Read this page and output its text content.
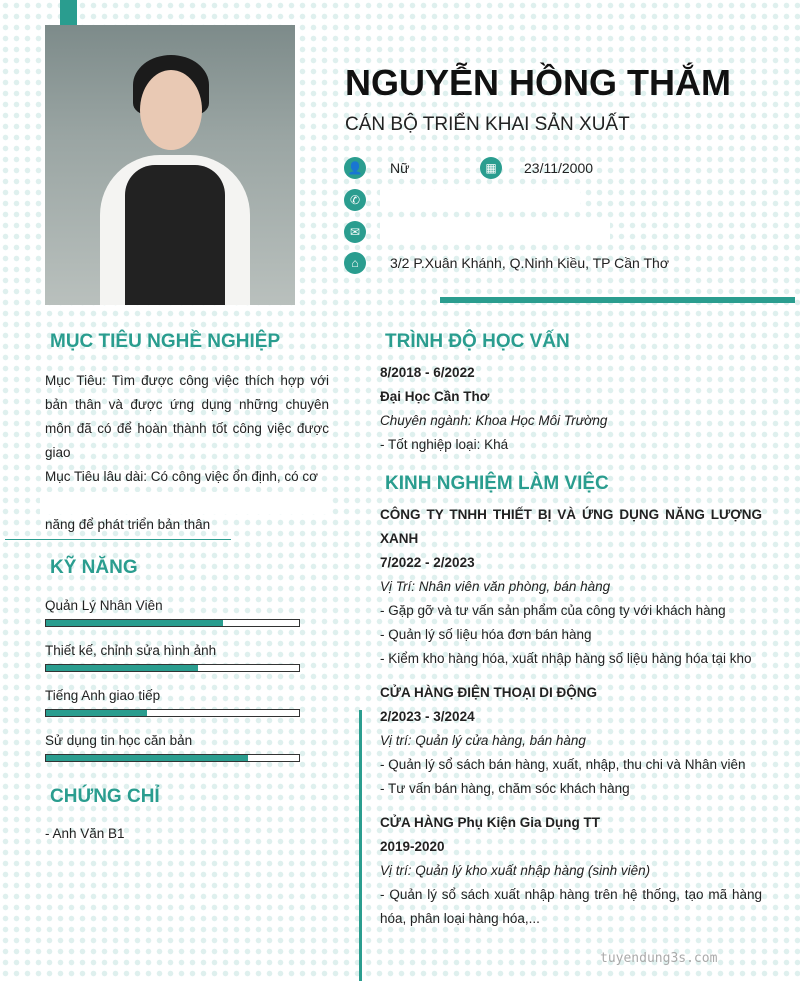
NGUYỄN HỒNG THẮM
CÁN BỘ TRIỂN KHAI SẢN XUẤT
👤 Nữ	▦	23/11/2000
✆
✉
⌂	3/2 P.Xuân Khánh, Q.Ninh Kiều, TP Cần Thơ
MỤC TIÊU NGHỀ NGHIỆP
Mục Tiêu: Tìm được công việc thích hợp với bản thân và được ứng dụng những chuyên môn đã có để hoàn thành tốt công việc được giao
Mục Tiêu lâu dài: Có công việc ổn định, có cơ
năng để phát triển bản thân
KỸ NĂNG
Quản Lý Nhân Viên
Thiết kế, chỉnh sửa hình ảnh
Tiếng Anh giao tiếp
Sử dụng tin học căn bản
CHỨNG CHỈ
- Anh Văn B1
TRÌNH ĐỘ HỌC VẤN
8/2018 - 6/2022
Đại Học Cần Thơ
Chuyên ngành: Khoa Học Môi Trường
- Tốt nghiệp loại: Khá
KINH NGHIỆM LÀM VIỆC
CÔNG TY TNHH THIẾT BỊ VÀ ỨNG DỤNG NĂNG LƯỢNG XANH
7/2022 - 2/2023
Vị Trí: Nhân viên văn phòng, bán hàng
- Gặp gỡ và tư vấn sản phẩm của công ty với khách hàng
- Quản lý số liệu hóa đơn bán hàng
- Kiểm kho hàng hóa, xuất nhập hàng số liệu hàng hóa tại kho
CỬA HÀNG ĐIỆN THOẠI DI ĐỘNG
2/2023 - 3/2024
Vị trí: Quản lý cửa hàng, bán hàng
- Quản lý sổ sách bán hàng, xuất, nhập, thu chi và Nhân viên
- Tư vấn bán hàng, chăm sóc khách hàng
CỬA HÀNG Phụ Kiện Gia Dụng TT
2019-2020
Vị trí: Quản lý kho xuất nhập hàng (sinh viên)
- Quản lý sổ sách xuất nhập hàng trên hệ thống, tạo mã hàng hóa, phân loại hàng hóa,...
tuyendung3s.com
